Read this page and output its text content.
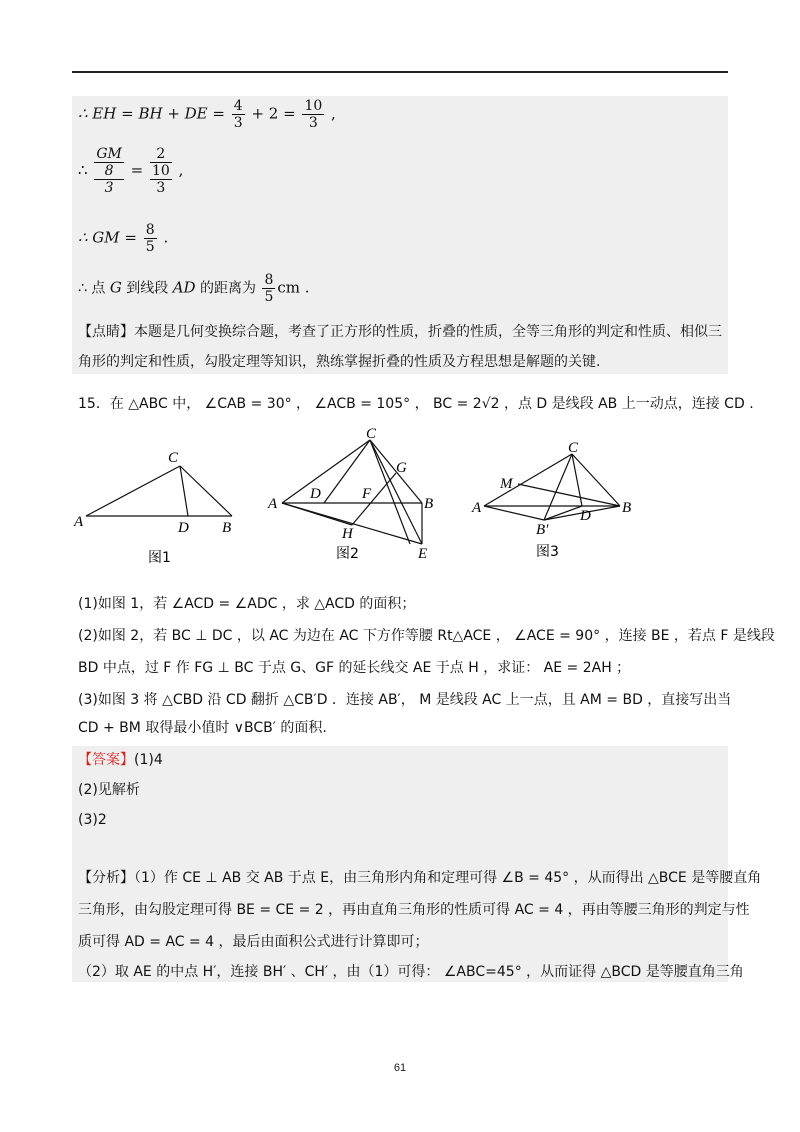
∴ EH = BH + DE = $\frac{4}{3} + 2 = \frac{10}{3}$ ,
∴
GM
8
3
=
2
10
3
,
∴ GM = $\frac{8}{5}$ .
∴ 点 G 到线段 AD 的距离为 $\frac{8}{5}$ cm .
【点睛】本题是几何变换综合题，考查了正方形的性质，折叠的性质，全等三角形的判定和性质、相似三
角形的判定和性质，勾股定理等知识，熟练掌握折叠的性质及方程思想是解题的关键.
15．在 △ABC 中， ∠CAB = 30° ， ∠ACB = 105° ， BC = 2√2 ，点 D 是线段 AB 上一动点，连接 CD .
C
A	D B
图1
C
G
D	F
A	B
H
E
图2
C
M
A	B
D
B′
图3
(1)如图 1，若 ∠ACD = ∠ADC ，求 △ACD 的面积；
(2)如图 2，若 BC ⊥ DC ，以 AC 为边在 AC 下方作等腰 Rt△ACE ， ∠ACE = 90° ，连接 BE ，若点 F 是线段
BD 中点，过 F 作 FG ⊥ BC 于点 G、GF 的延长线交 AE 于点 H ，求证： AE = 2AH ；
(3)如图 3 将 △CBD 沿 CD 翻折 △CB′D ．连接 AB′， M 是线段 AC 上一点，且 AM = BD ，直接写出当
CD + BM 取得最小值时 ∨BCB′ 的面积.
【答案】(1)4
(2)见解析
(3)2
【分析】（1）作 CE ⊥ AB 交 AB 于点 E，由三角形内角和定理可得 ∠B = 45° ，从而得出 △BCE 是等腰直角
三角形，由勾股定理可得 BE = CE = 2 ，再由直角三角形的性质可得 AC = 4 ，再由等腰三角形的判定与性
质可得 AD = AC = 4 ，最后由面积公式进行计算即可；
（2）取 AE 的中点 H′，连接 BH′ 、CH′ ，由（1）可得： ∠ABC=45° ，从而证得 △BCD 是等腰直角三角
61
